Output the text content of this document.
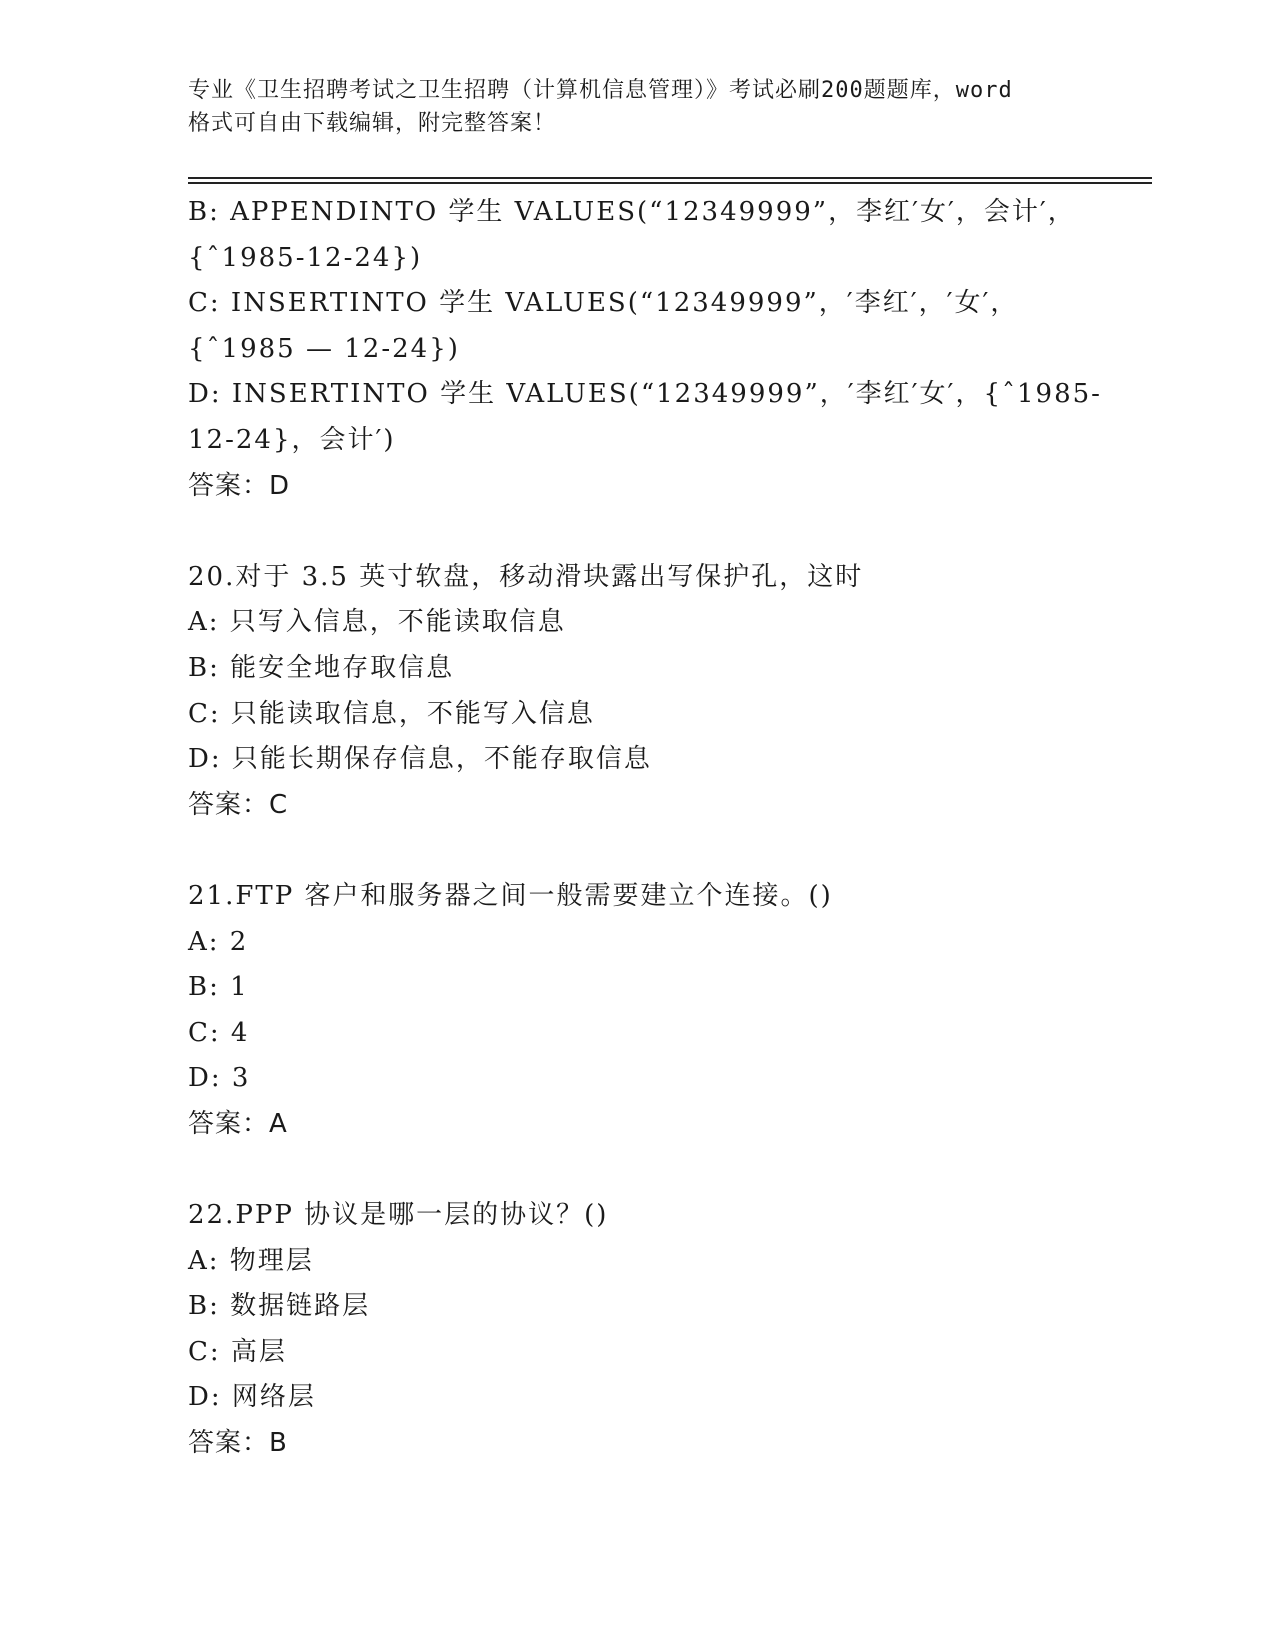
专业《卫生招聘考试之卫生招聘（计算机信息管理）》考试必刷200题题库，word
格式可自由下载编辑，附完整答案！
B: APPENDINTO 学生 VALUES(“12349999”，李红′女′，会计′，
{ˆ1985-12-24})
C: INSERTINTO 学生 VALUES(“12349999”，′李红′，′女′，
{ˆ1985 — 12-24})
D: INSERTINTO 学生 VALUES(“12349999”，′李红′女′，{ˆ1985-
12-24}，会计′)
答案：D
20.对于 3.5 英寸软盘，移动滑块露出写保护孔，这时
A: 只写入信息，不能读取信息
B: 能安全地存取信息
C: 只能读取信息，不能写入信息
D: 只能长期保存信息，不能存取信息
答案：C
21.FTP 客户和服务器之间一般需要建立个连接。()
A: 2
B: 1
C: 4
D: 3
答案：A
22.PPP 协议是哪一层的协议？()
A: 物理层
B: 数据链路层
C: 高层
D: 网络层
答案：B
